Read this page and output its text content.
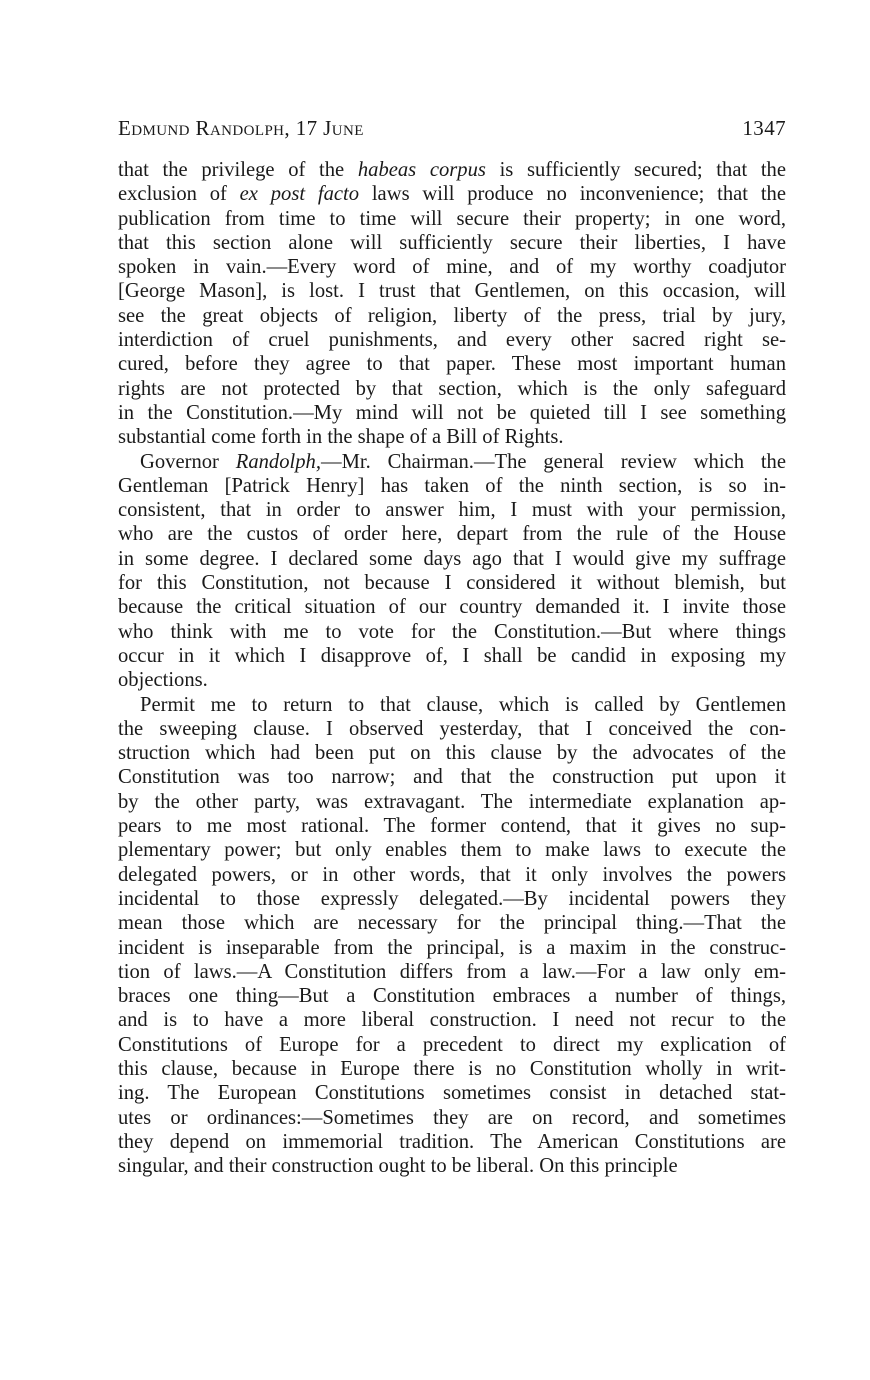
Edmund Randolph, 17 June	1347
that the privilege of the habeas corpus is sufficiently secured; that the
exclusion of ex post facto laws will produce no inconvenience; that the
publication from time to time will secure their property; in one word,
that this section alone will sufficiently secure their liberties, I have
spoken in vain.—Every word of mine, and of my worthy coadjutor
[George Mason], is lost. I trust that Gentlemen, on this occasion, will
see the great objects of religion, liberty of the press, trial by jury,
interdiction of cruel punishments, and every other sacred right se-
cured, before they agree to that paper. These most important human
rights are not protected by that section, which is the only safeguard
in the Constitution.—My mind will not be quieted till I see something
substantial come forth in the shape of a Bill of Rights.
Governor Randolph,—Mr. Chairman.—The general review which the
Gentleman [Patrick Henry] has taken of the ninth section, is so in-
consistent, that in order to answer him, I must with your permission,
who are the custos of order here, depart from the rule of the House
in some degree. I declared some days ago that I would give my suffrage
for this Constitution, not because I considered it without blemish, but
because the critical situation of our country demanded it. I invite those
who think with me to vote for the Constitution.—But where things
occur in it which I disapprove of, I shall be candid in exposing my
objections.
Permit me to return to that clause, which is called by Gentlemen
the sweeping clause. I observed yesterday, that I conceived the con-
struction which had been put on this clause by the advocates of the
Constitution was too narrow; and that the construction put upon it
by the other party, was extravagant. The intermediate explanation ap-
pears to me most rational. The former contend, that it gives no sup-
plementary power; but only enables them to make laws to execute the
delegated powers, or in other words, that it only involves the powers
incidental to those expressly delegated.—By incidental powers they
mean those which are necessary for the principal thing.—That the
incident is inseparable from the principal, is a maxim in the construc-
tion of laws.—A Constitution differs from a law.—For a law only em-
braces one thing—But a Constitution embraces a number of things,
and is to have a more liberal construction. I need not recur to the
Constitutions of Europe for a precedent to direct my explication of
this clause, because in Europe there is no Constitution wholly in writ-
ing. The European Constitutions sometimes consist in detached stat-
utes or ordinances:—Sometimes they are on record, and sometimes
they depend on immemorial tradition. The American Constitutions are
singular, and their construction ought to be liberal. On this principle
